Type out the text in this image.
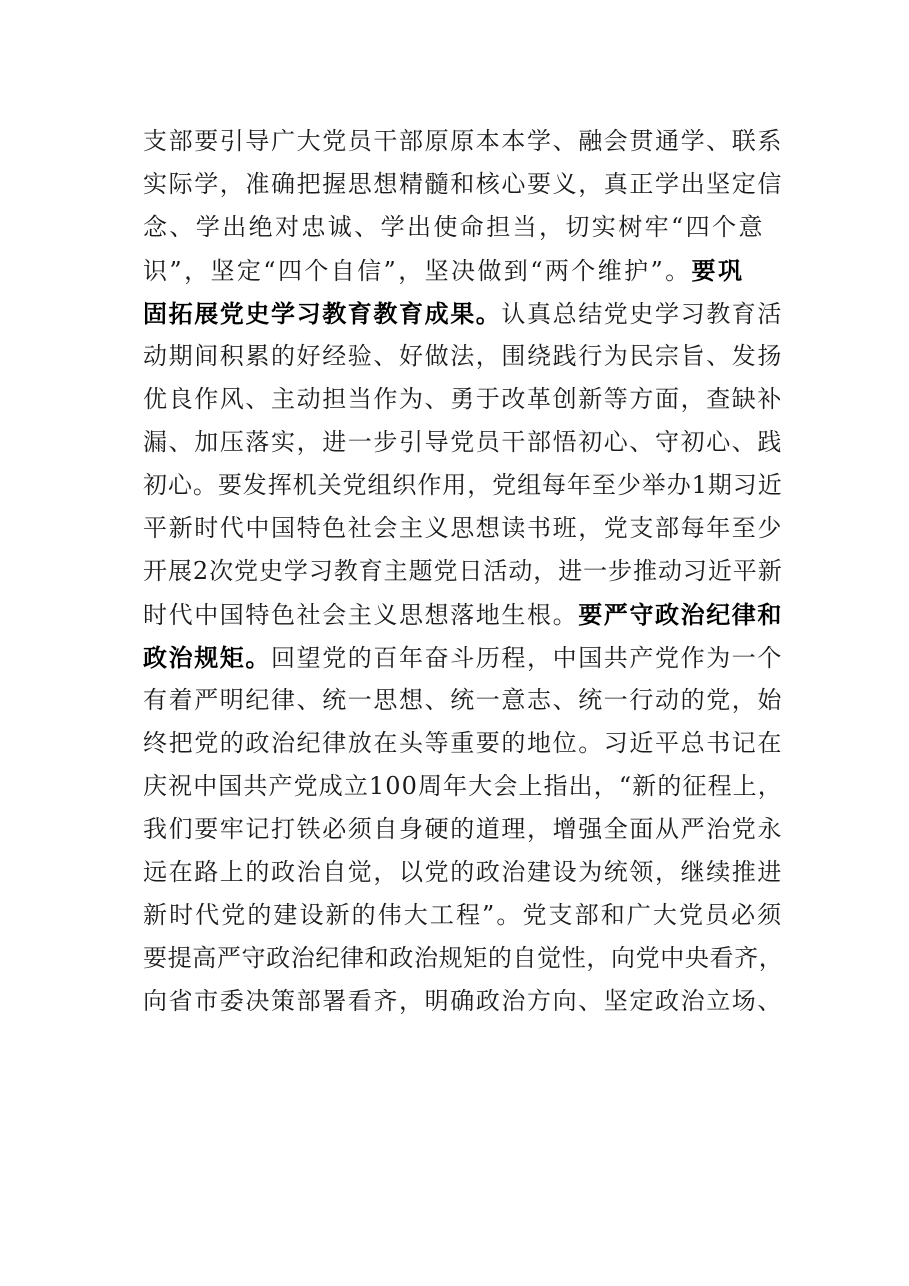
支部要引导广大党员干部原原本本学、融会贯通学、联系
实际学，准确把握思想精髓和核心要义，真正学出坚定信
念、学出绝对忠诚、学出使命担当，切实树牢“四个意
识”，坚定“四个自信”，坚决做到“两个维护”。要巩
固拓展党史学习教育教育成果。认真总结党史学习教育活
动期间积累的好经验、好做法，围绕践行为民宗旨、发扬
优良作风、主动担当作为、勇于改革创新等方面，查缺补
漏、加压落实，进一步引导党员干部悟初心、守初心、践
初心。要发挥机关党组织作用，党组每年至少举办1期习近
平新时代中国特色社会主义思想读书班，党支部每年至少
开展2次党史学习教育主题党日活动，进一步推动习近平新
时代中国特色社会主义思想落地生根。要严守政治纪律和
政治规矩。回望党的百年奋斗历程，中国共产党作为一个
有着严明纪律、统一思想、统一意志、统一行动的党，始
终把党的政治纪律放在头等重要的地位。习近平总书记在
庆祝中国共产党成立100周年大会上指出，“新的征程上，
我们要牢记打铁必须自身硬的道理，增强全面从严治党永
远在路上的政治自觉，以党的政治建设为统领，继续推进
新时代党的建设新的伟大工程”。党支部和广大党员必须
要提高严守政治纪律和政治规矩的自觉性，向党中央看齐，
向省市委决策部署看齐，明确政治方向、坚定政治立场、
